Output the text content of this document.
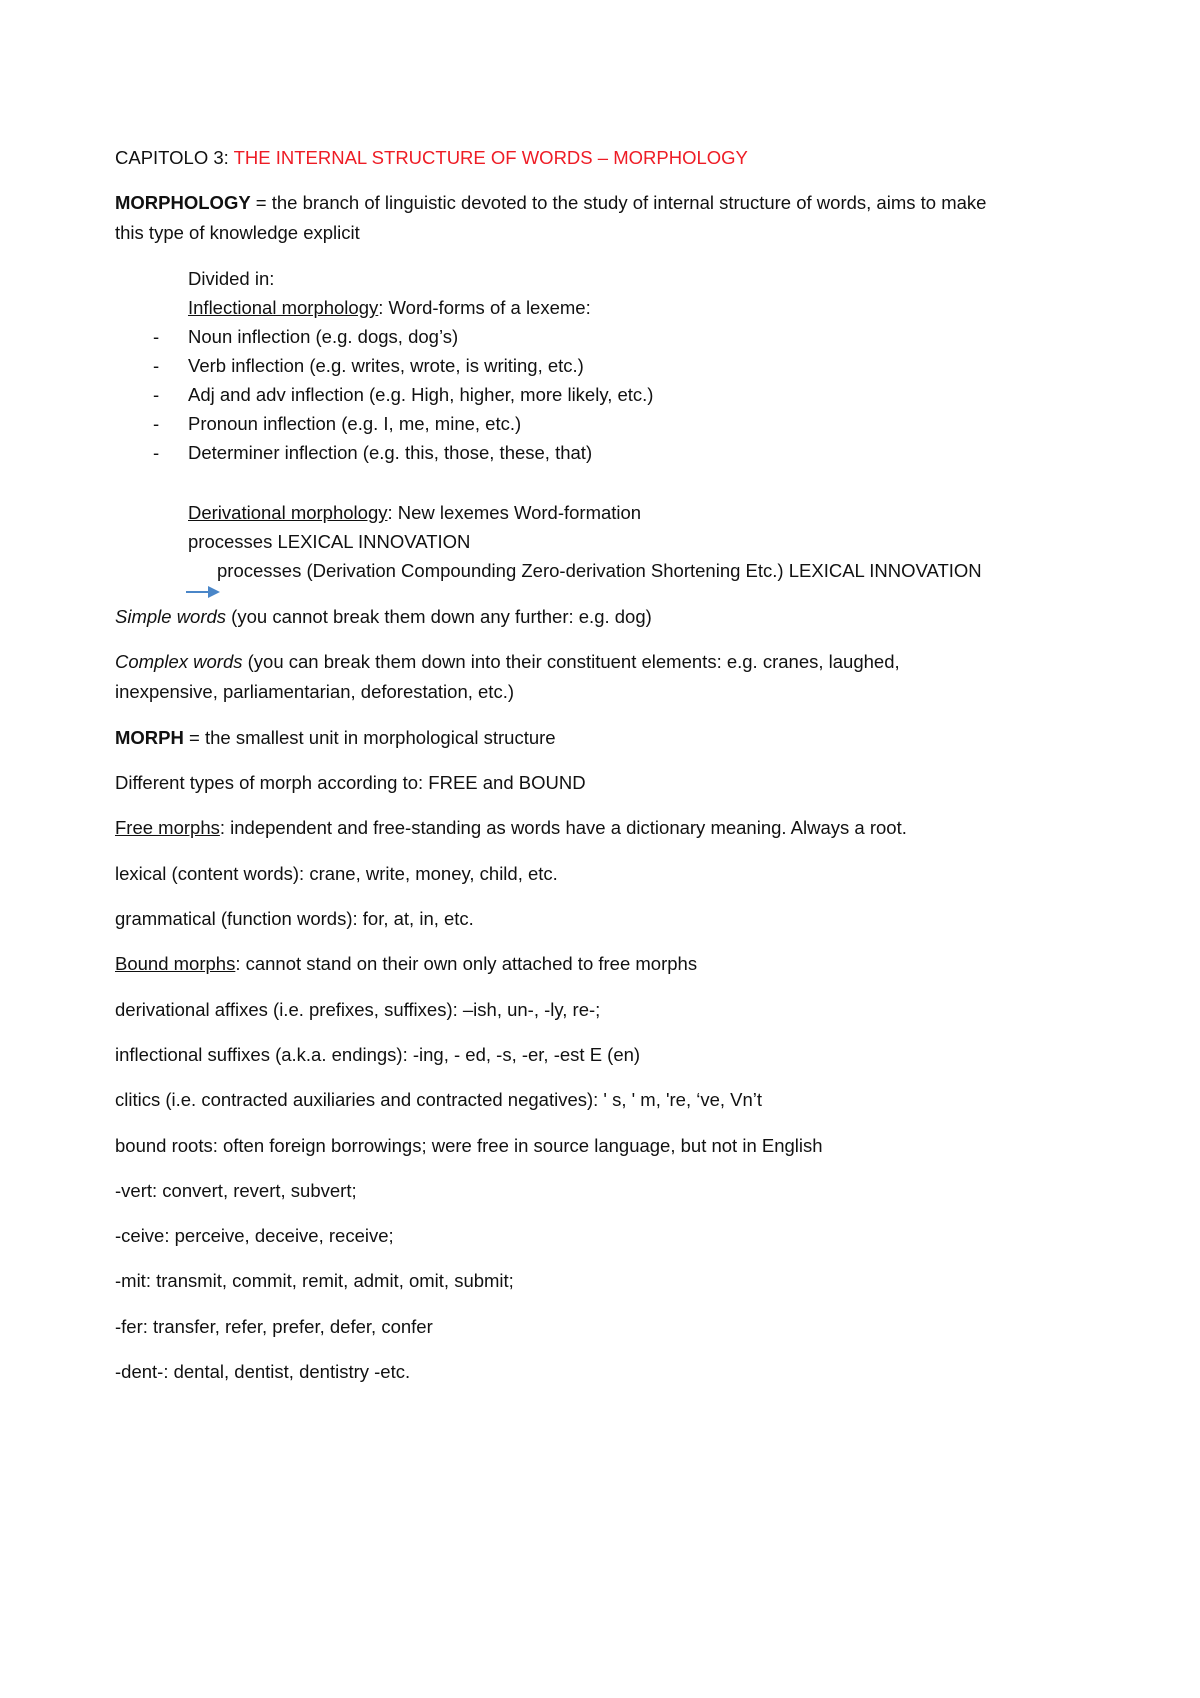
CAPITOLO 3: THE INTERNAL STRUCTURE OF WORDS – MORPHOLOGY

MORPHOLOGY = the branch of linguistic devoted to the study of internal structure of words, aims to make

this type of knowledge explicit

Divided in:

Inflectional morphology: Word-forms of a lexeme:

- Noun inflection (e.g. dogs, dog’s)

- Verb inflection (e.g. writes, wrote, is writing, etc.)

- Adj and adv inflection (e.g. High, higher, more likely, etc.)

- Pronoun inflection (e.g. I, me, mine, etc.)

- Determiner inflection (e.g. this, those, these, that)

Derivational morphology: New lexemes Word-formation

processes LEXICAL INNOVATION

processes (Derivation Compounding Zero-derivation Shortening Etc.) LEXICAL INNOVATION

Simple words (you cannot break them down any further: e.g. dog)

Complex words (you can break them down into their constituent elements: e.g. cranes, laughed,

inexpensive, parliamentarian, deforestation, etc.)

MORPH = the smallest unit in morphological structure

Different types of morph according to: FREE and BOUND

Free morphs: independent and free-standing as words have a dictionary meaning. Always a root.

lexical (content words): crane, write, money, child, etc.

grammatical (function words): for, at, in, etc.

Bound morphs: cannot stand on their own only attached to free morphs

derivational affixes (i.e. prefixes, suffixes): –ish, un-, -ly, re-;

inflectional suffixes (a.k.a. endings): -ing, - ed, -s, -er, -est E (en)

clitics (i.e. contracted auxiliaries and contracted negatives): ' s, ' m, 're, ‘ve, Vn’t

bound roots: often foreign borrowings; were free in source language, but not in English

-vert: convert, revert, subvert;

-ceive: perceive, deceive, receive;

-mit: transmit, commit, remit, admit, omit, submit;

-fer: transfer, refer, prefer, defer, confer

-dent-: dental, dentist, dentistry -etc.
